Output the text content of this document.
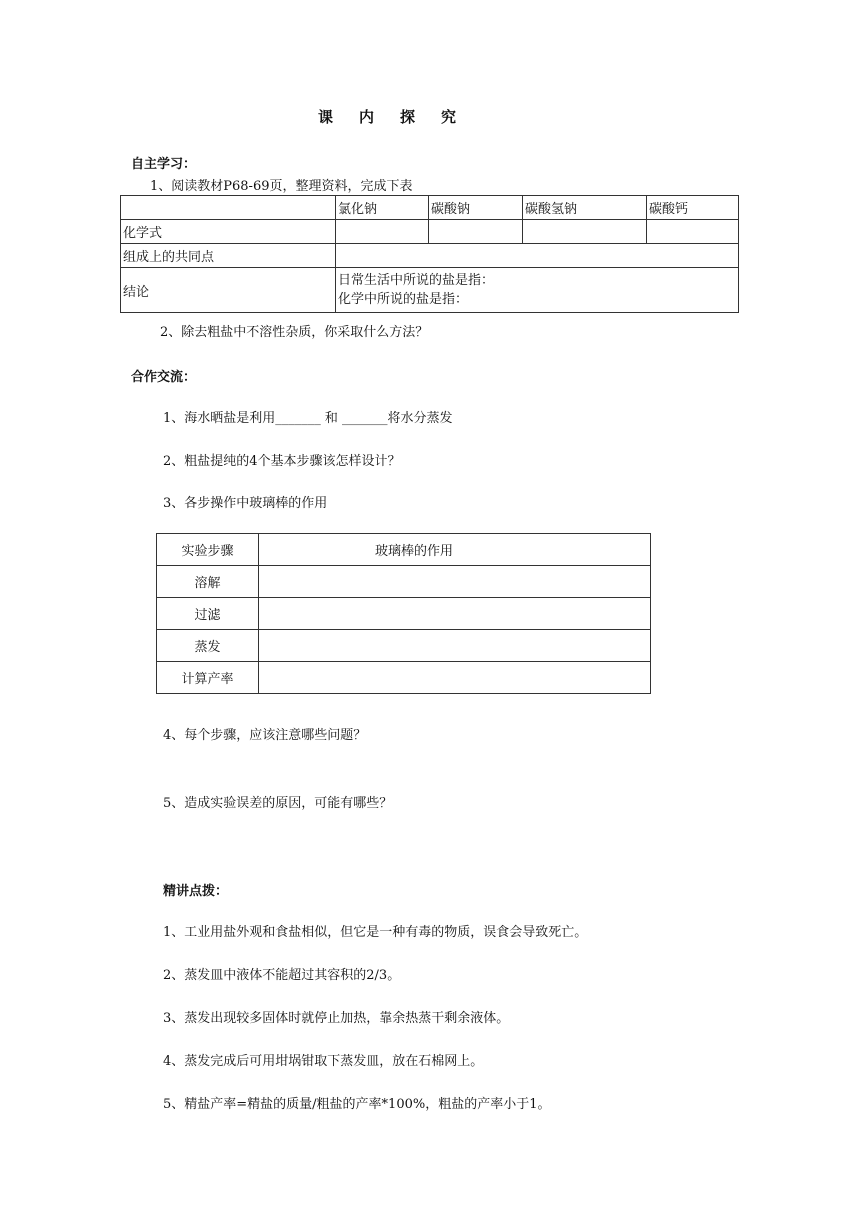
课 内 探 究
自主学习：
1、阅读教材P68-69页，整理资料，完成下表
	氯化钠	碳酸钠	碳酸氢钠	碳酸钙
化学式				
组成上的共同点				
结论	日常生活中所说的盐是指：
化学中所说的盐是指：			
2、除去粗盐中不溶性杂质，你采取什么方法？
合作交流：
1、海水晒盐是利用_______ 和 _______将水分蒸发
2、粗盐提纯的4个基本步骤该怎样设计？
3、各步操作中玻璃棒的作用
实验步骤	玻璃棒的作用
溶解	
过滤	
蒸发	
计算产率	
4、每个步骤，应该注意哪些问题？
5、造成实验误差的原因，可能有哪些？
精讲点拨：
1、工业用盐外观和食盐相似，但它是一种有毒的物质，误食会导致死亡。
2、蒸发皿中液体不能超过其容积的2/3。
3、蒸发出现较多固体时就停止加热，靠余热蒸干剩余液体。
4、蒸发完成后可用坩埚钳取下蒸发皿，放在石棉网上。
5、精盐产率=精盐的质量/粗盐的产率*100%，粗盐的产率小于1。
